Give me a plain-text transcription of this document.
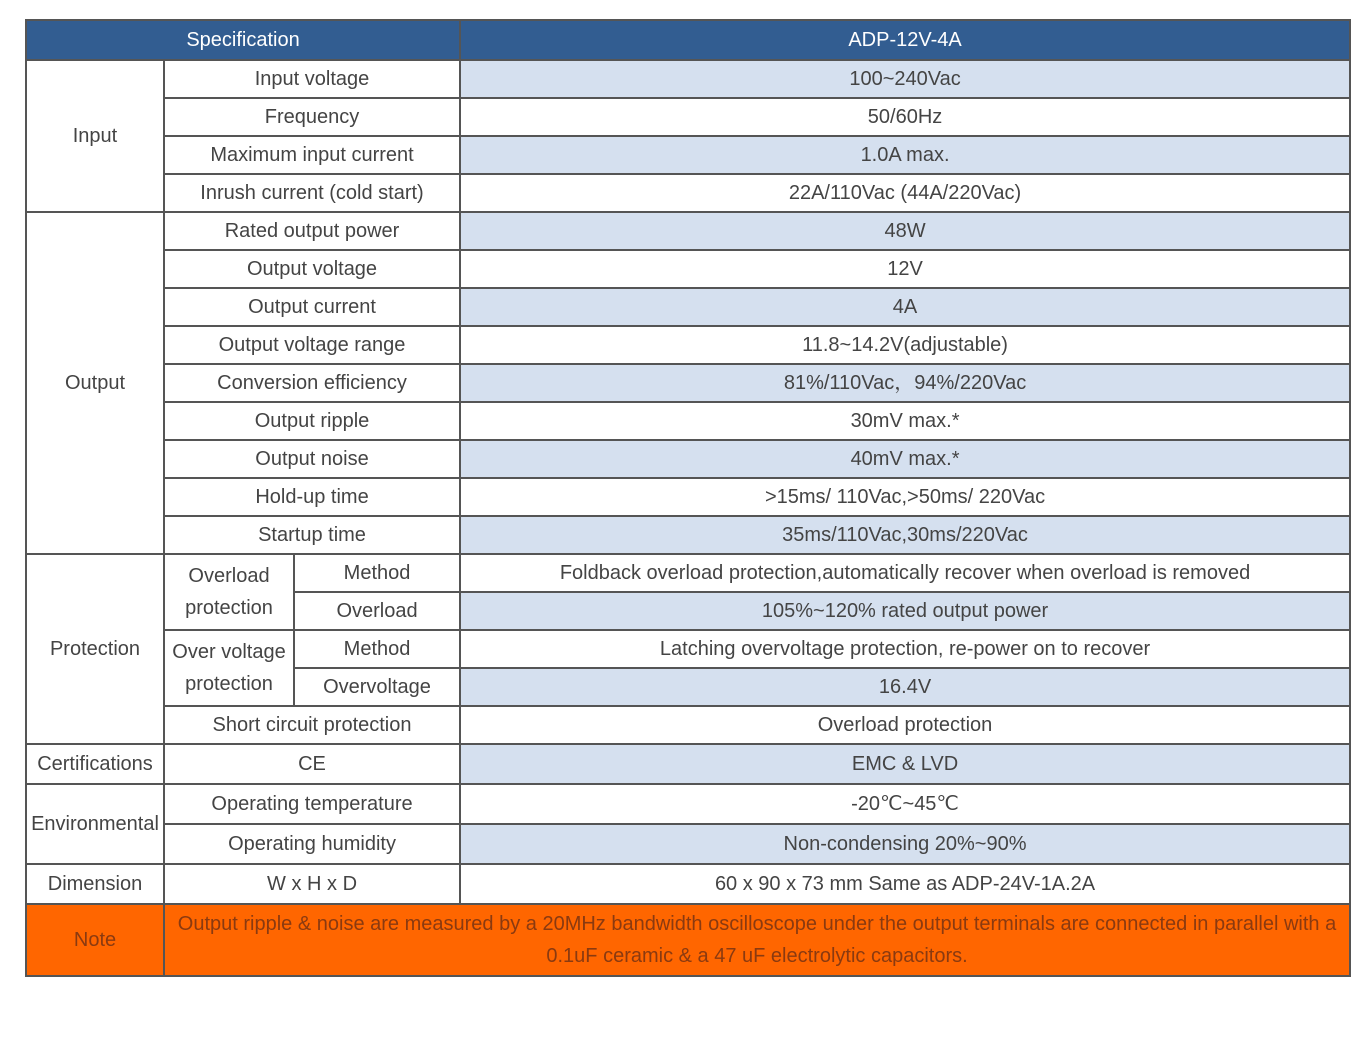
Specification			ADP-12V-4A
Input	Input voltage		100~240Vac
	Frequency		50/60Hz
	Maximum input current		1.0A max.
	Inrush current (cold start)		22A/110Vac (44A/220Vac)
Output	Rated output power		48W
	Output voltage		12V
	Output current		4A
	Output voltage range		11.8~14.2V(adjustable)
	Conversion efficiency		81%/110Vac，94%/220Vac
	Output ripple		30mV max.*
	Output noise		40mV max.*
	Hold-up time		>15ms/ 110Vac,>50ms/ 220Vac
	Startup time		35ms/110Vac,30ms/220Vac
Protection	Overload protection	Method	Foldback overload protection,automatically recover when overload is removed
		Overload	105%~120% rated output power
	Over voltage protection	Method	Latching overvoltage protection, re-power on to recover
		Overvoltage	16.4V
	Short circuit protection		Overload protection
Certifications	CE		EMC & LVD
Environmental	Operating temperature		-20℃~45℃
	Operating humidity		Non-condensing 20%~90%
Dimension	W x H x D		60 x 90 x 73 mm Same as ADP-24V-1A.2A
Note	Output ripple & noise are measured by a 20MHz bandwidth oscilloscope under the output terminals are connected in parallel with a 0.1uF ceramic & a 47 uF electrolytic capacitors.		
